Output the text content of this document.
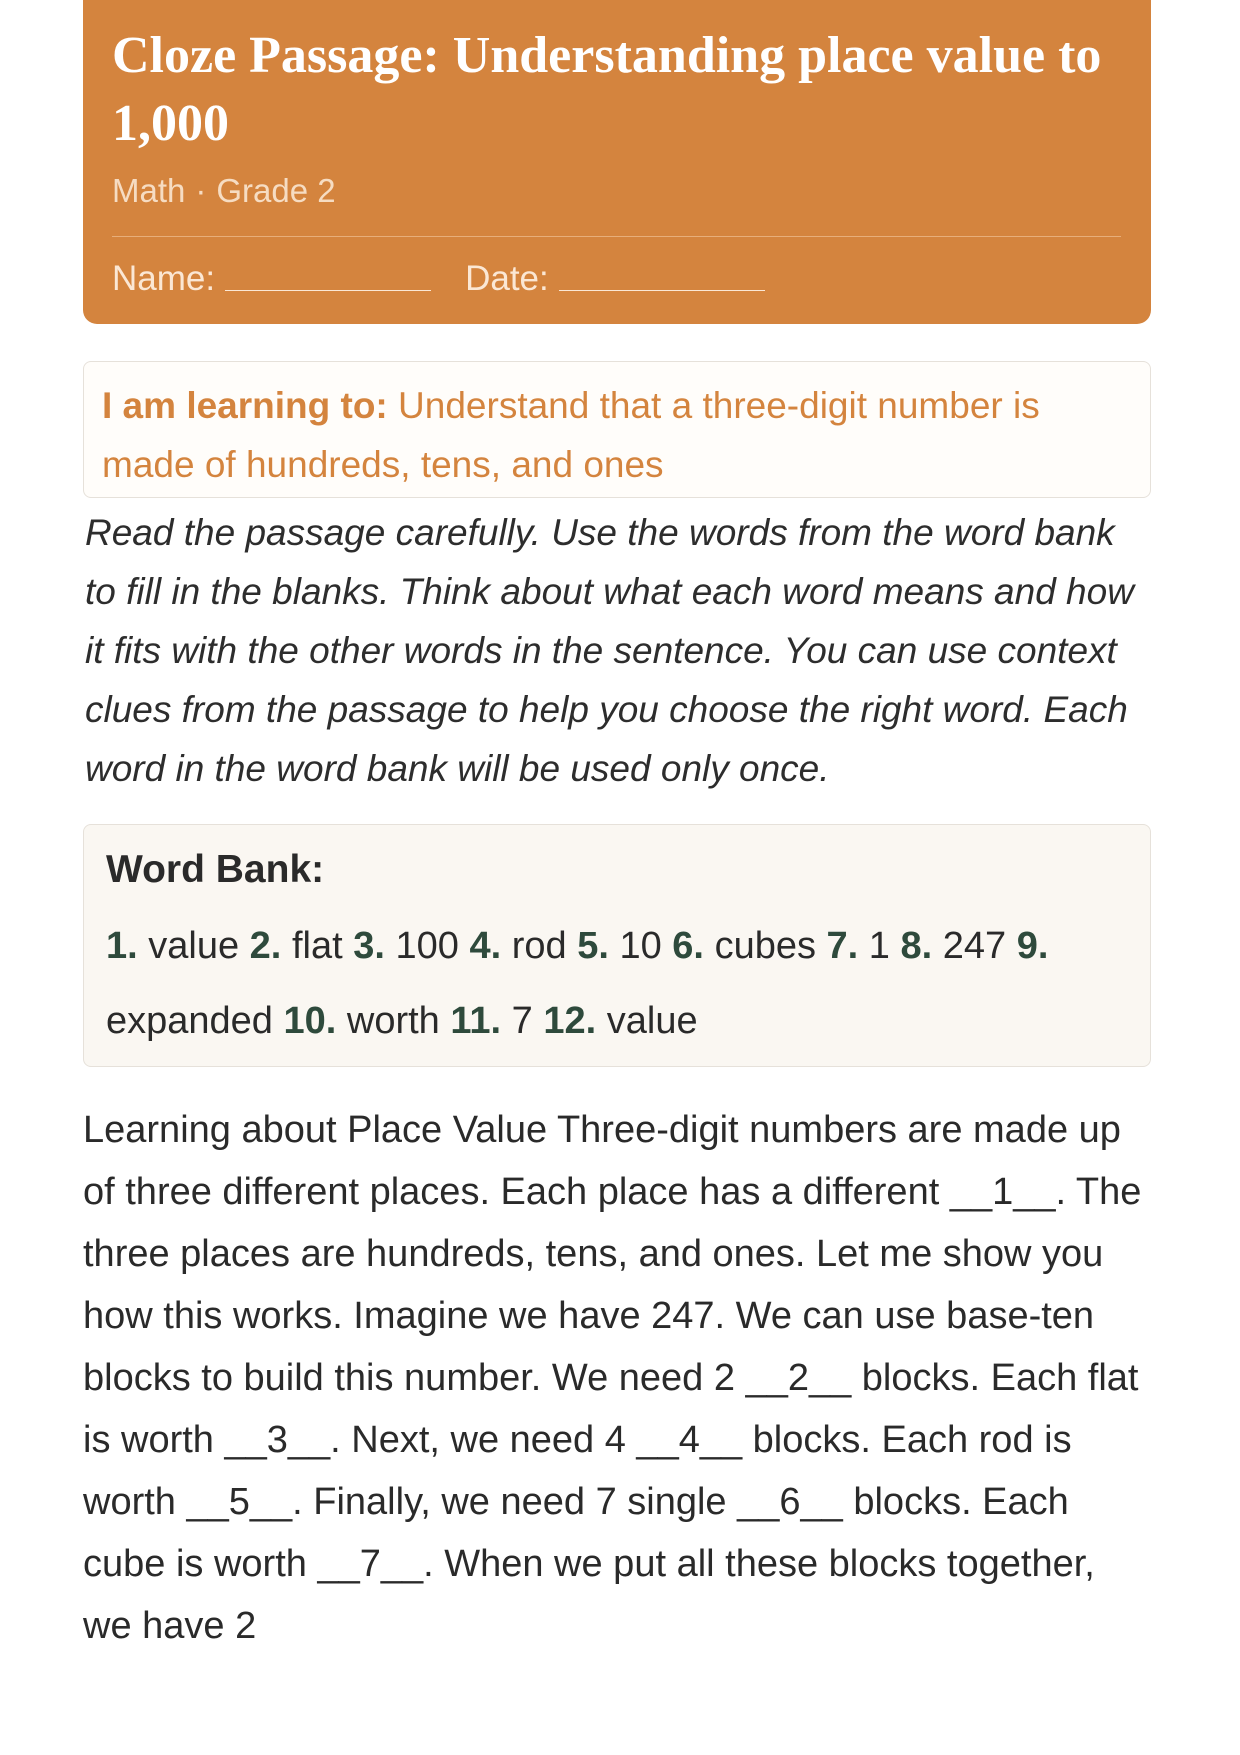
Cloze Passage: Understanding place value to 1,000
Math · Grade 2
Name:	Date:
I am learning to: Understand that a three-digit number is made of hundreds, tens, and ones
Read the passage carefully. Use the words from the word bank to fill in the blanks. Think about what each word means and how it fits with the other words in the sentence. You can use context clues from the passage to help you choose the right word. Each word in the word bank will be used only once.
Word Bank:
1. value 2. flat 3. 100 4. rod 5. 10 6. cubes 7. 1 8. 247 9. expanded 10. worth 11. 7 12. value
Learning about Place Value Three-digit numbers are made up of three different places. Each place has a different __1__. The three places are hundreds, tens, and ones. Let me show you how this works. Imagine we have 247. We can use base-ten blocks to build this number. We need 2 __2__ blocks. Each flat is worth __3__. Next, we need 4 __4__ blocks. Each rod is worth __5__. Finally, we need 7 single __6__ blocks. Each cube is worth __7__. When we put all these blocks together, we have 2
